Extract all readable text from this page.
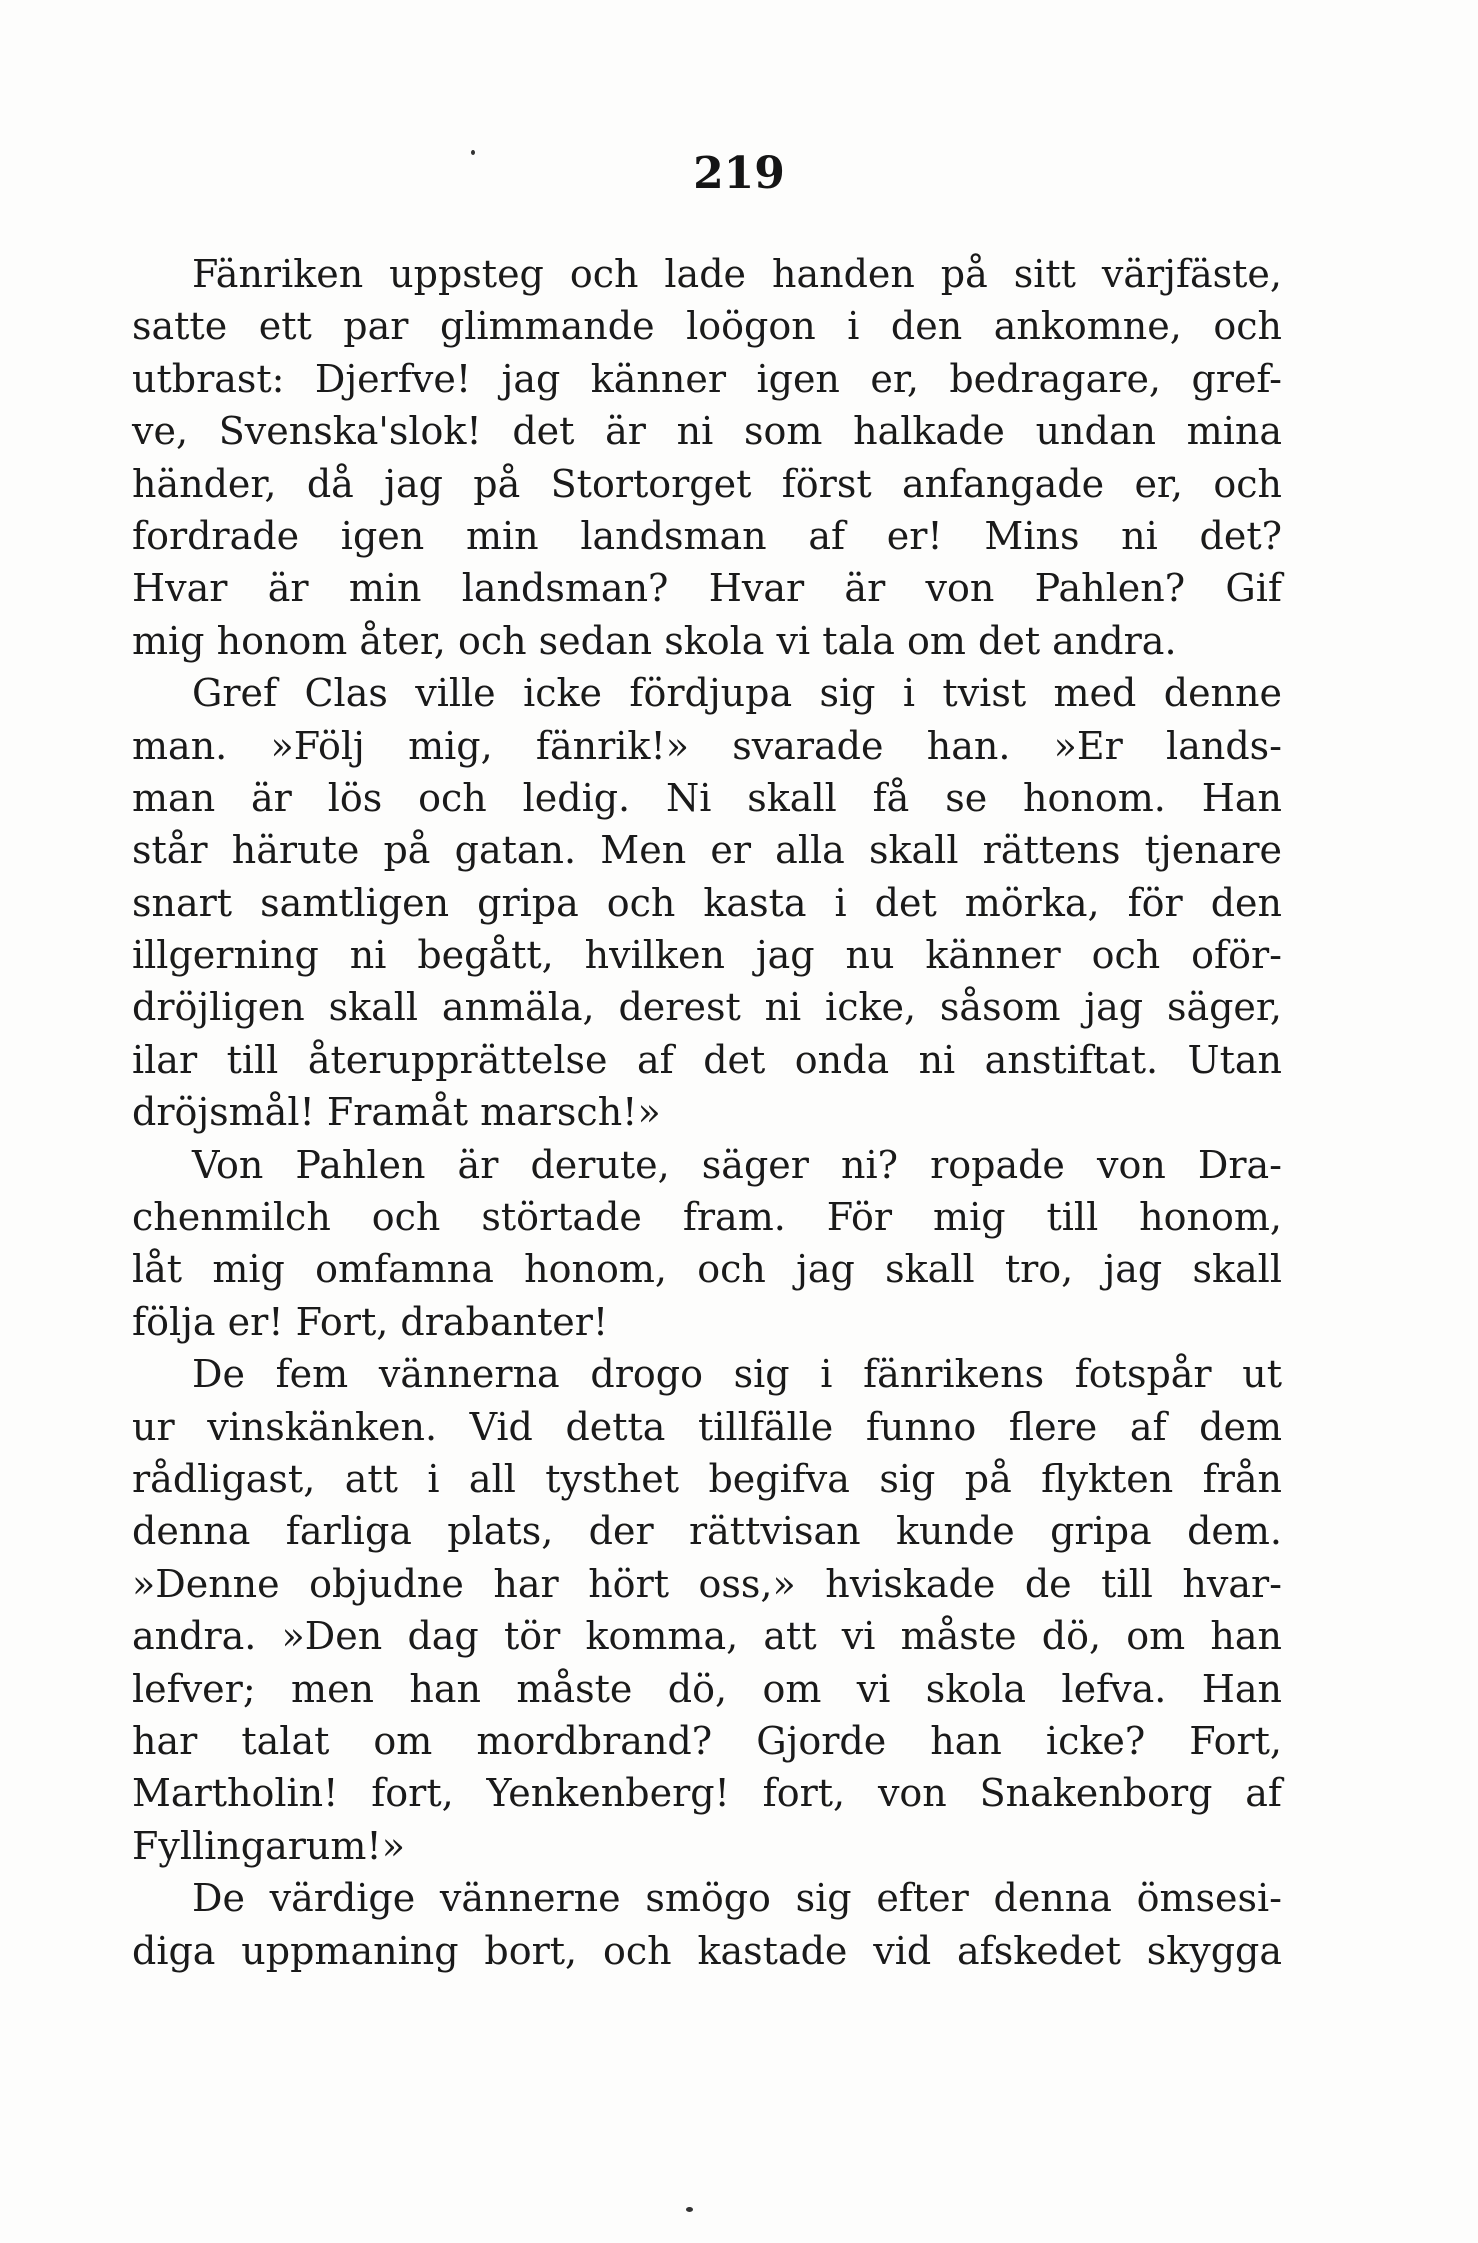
219
Fänriken uppsteg och lade handen på sitt värjfäste,
satte ett par glimmande loögon i den ankomne, och
utbrast: Djerfve! jag känner igen er, bedragare, gref-
ve, Svenska'slok! det är ni som halkade undan mina
händer, då jag på Stortorget först anfangade er, och
fordrade igen min landsman af er! Mins ni det?
Hvar är min landsman? Hvar är von Pahlen? Gif
mig honom åter, och sedan skola vi tala om det andra.
Gref Clas ville icke fördjupa sig i tvist med denne
man. »Följ mig, fänrik!» svarade han. »Er lands-
man är lös och ledig. Ni skall få se honom. Han
står härute på gatan. Men er alla skall rättens tjenare
snart samtligen gripa och kasta i det mörka, för den
illgerning ni begått, hvilken jag nu känner och oför-
dröjligen skall anmäla, derest ni icke, såsom jag säger,
ilar till återupprättelse af det onda ni anstiftat. Utan
dröjsmål! Framåt marsch!»
Von Pahlen är derute, säger ni? ropade von Dra-
chenmilch och störtade fram. För mig till honom,
låt mig omfamna honom, och jag skall tro, jag skall
följa er! Fort, drabanter!
De fem vännerna drogo sig i fänrikens fotspår ut
ur vinskänken. Vid detta tillfälle funno flere af dem
rådligast, att i all tysthet begifva sig på flykten från
denna farliga plats, der rättvisan kunde gripa dem.
»Denne objudne har hört oss,» hviskade de till hvar-
andra. »Den dag tör komma, att vi måste dö, om han
lefver; men han måste dö, om vi skola lefva. Han
har talat om mordbrand? Gjorde han icke? Fort,
Martholin! fort, Yenkenberg! fort, von Snakenborg af
Fyllingarum!»
De värdige vännerne smögo sig efter denna ömsesi-
diga uppmaning bort, och kastade vid afskedet skygga
